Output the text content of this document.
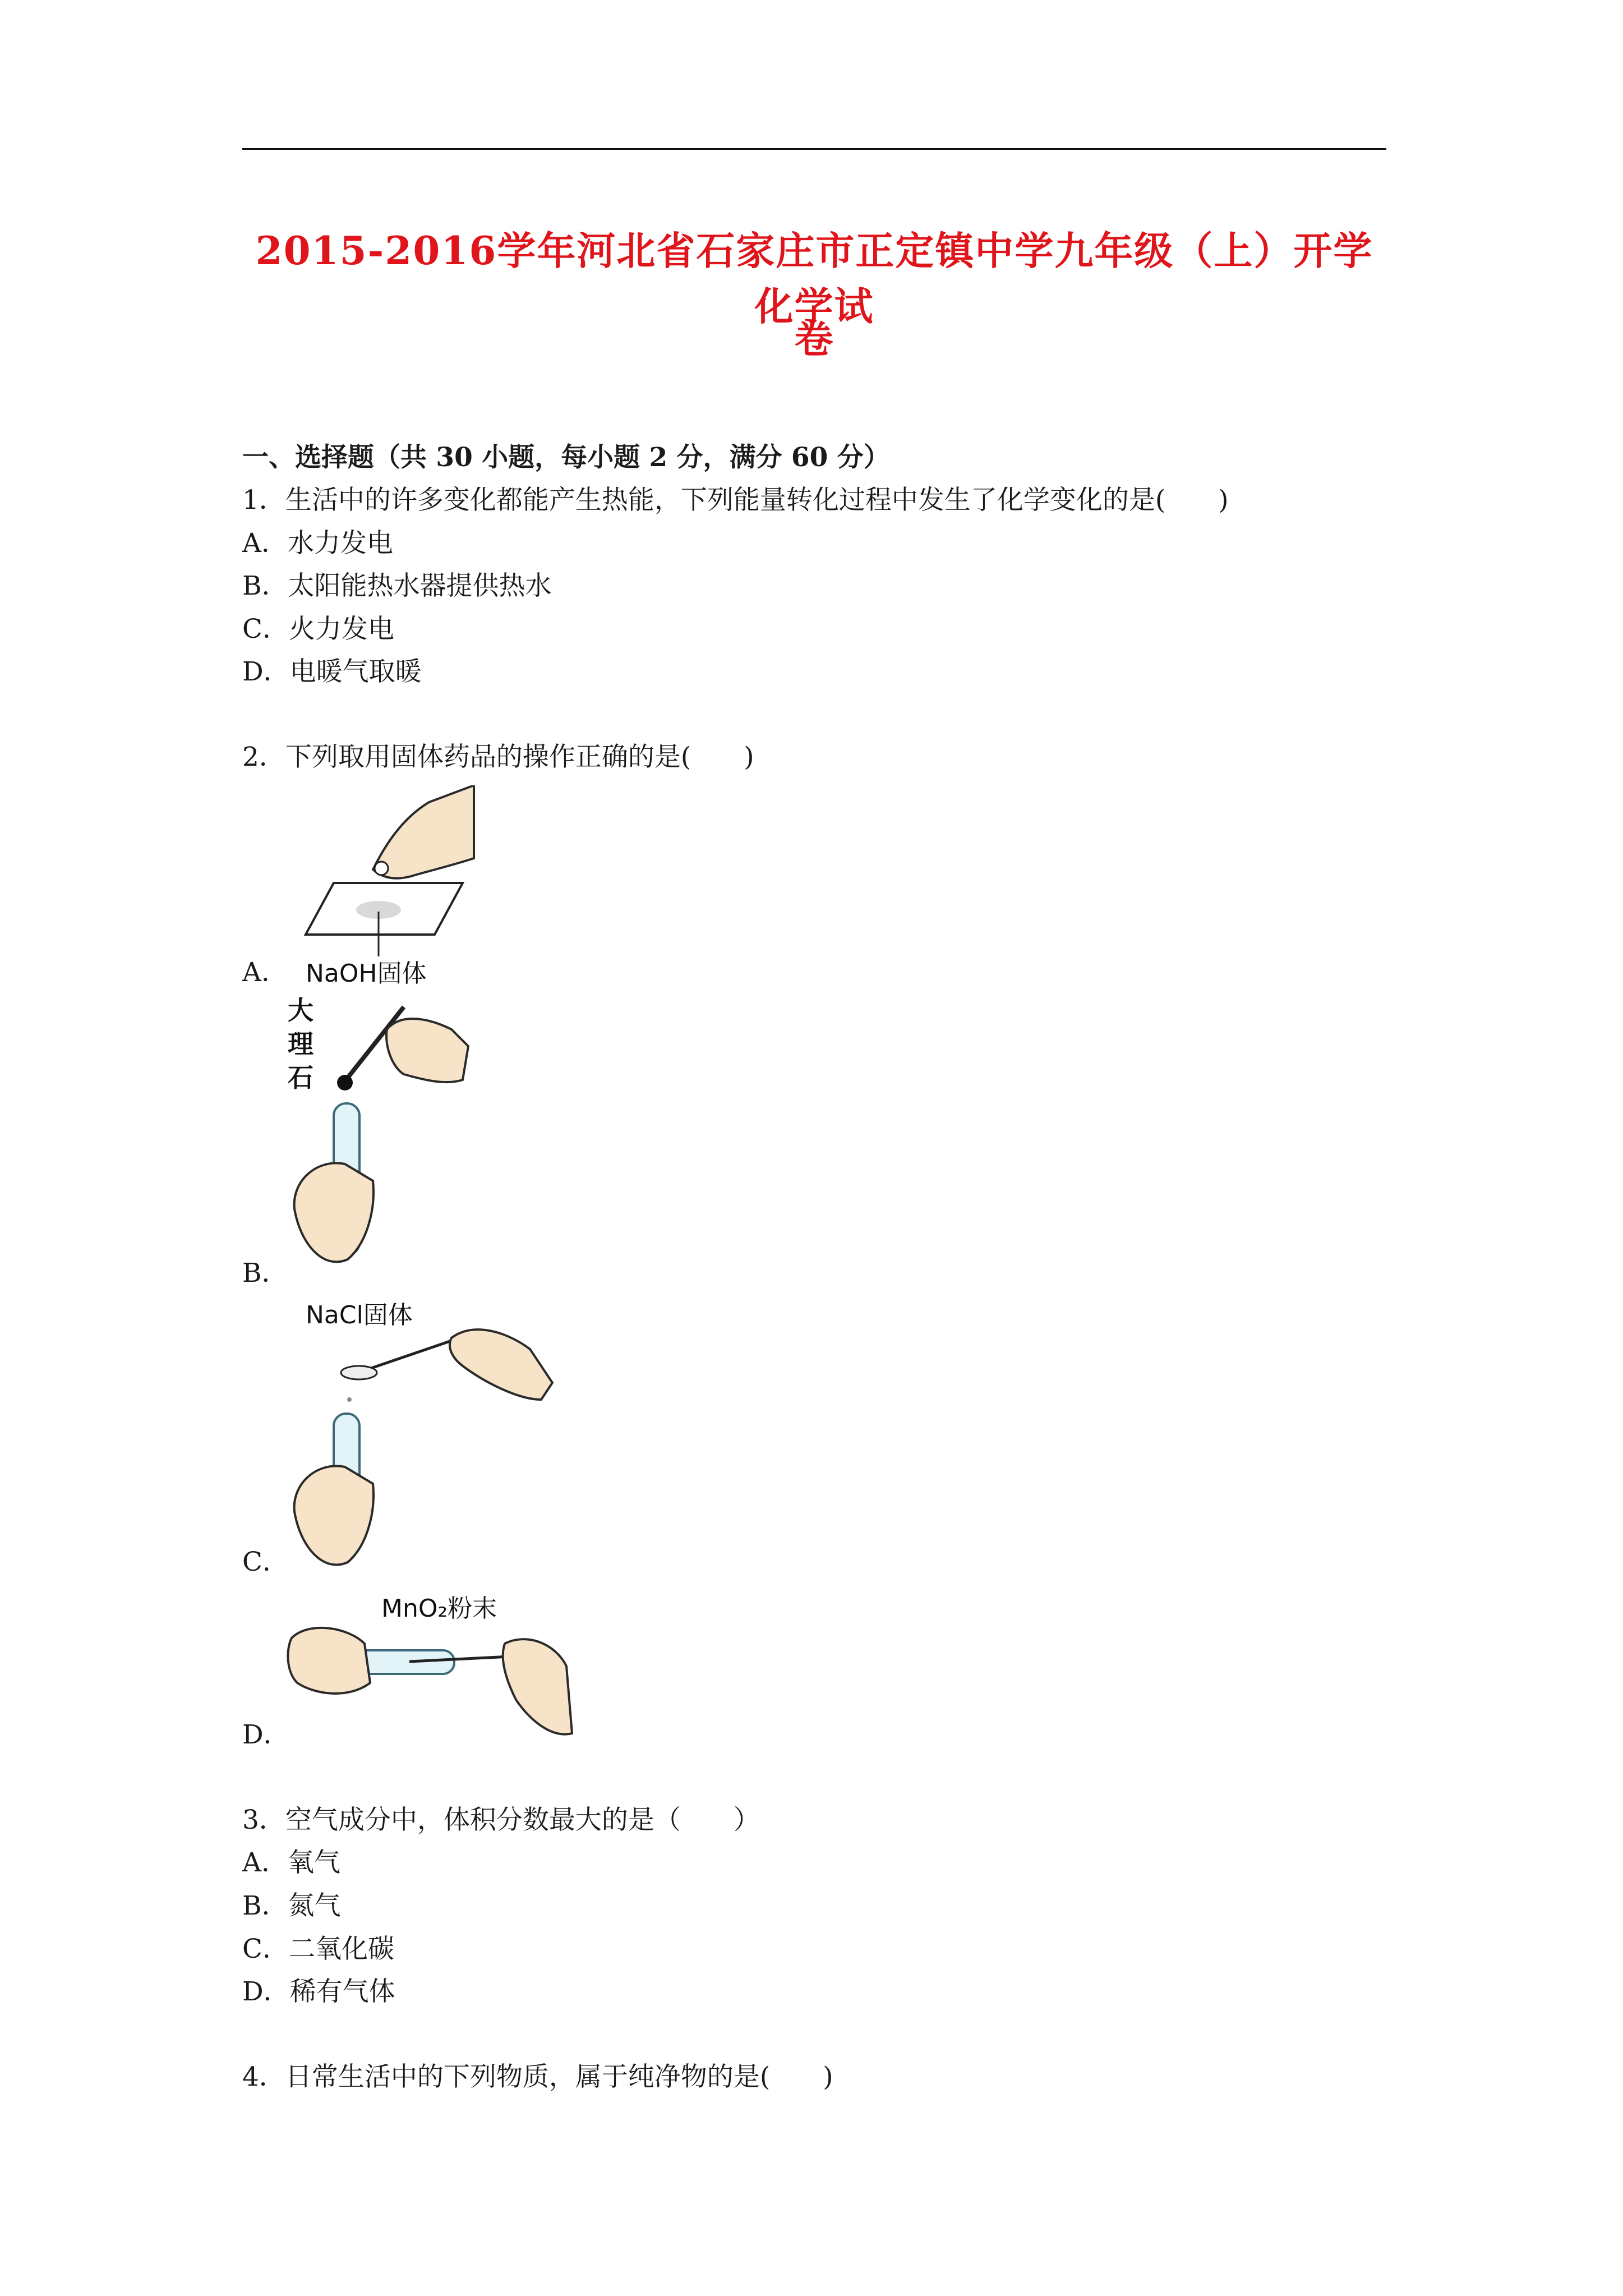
2015-2016学年河北省石家庄市正定镇中学九年级（上）开学化学试
卷
一、选择题（共 30 小题，每小题 2 分，满分 60 分）
1．生活中的许多变化都能产生热能，下列能量转化过程中发生了化学变化的是(　　)
A．水力发电
B．太阳能热水器提供热水
C．火力发电
D．电暖气取暖
2．下列取用固体药品的操作正确的是(　　)
A． NaOH固体
B．
大
理
石
C．
NaCl固体
D．
MnO₂粉末
3．空气成分中，体积分数最大的是（　　）
A．氧气
B．氮气
C．二氧化碳
D．稀有气体
4．日常生活中的下列物质，属于纯净物的是(　　)
